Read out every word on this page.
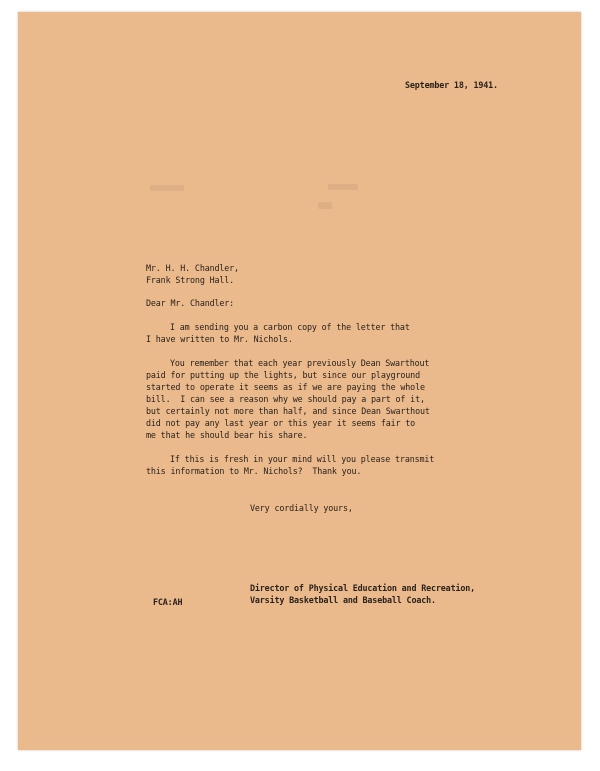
September 18, 1941.
Mr. H. H. Chandler,
Frank Strong Hall.
Dear Mr. Chandler:
I am sending you a carbon copy of the letter that
I have written to Mr. Nichols.
You remember that each year previously Dean Swarthout
paid for putting up the lights, but since our playground
started to operate it seems as if we are paying the whole
bill.  I can see a reason why we should pay a part of it,
but certainly not more than half, and since Dean Swarthout
did not pay any last year or this year it seems fair to
me that he should bear his share.
If this is fresh in your mind will you please transmit
this information to Mr. Nichols?  Thank you.
Very cordially yours,
Director of Physical Education and Recreation,
Varsity Basketball and Baseball Coach.
FCA:AH
